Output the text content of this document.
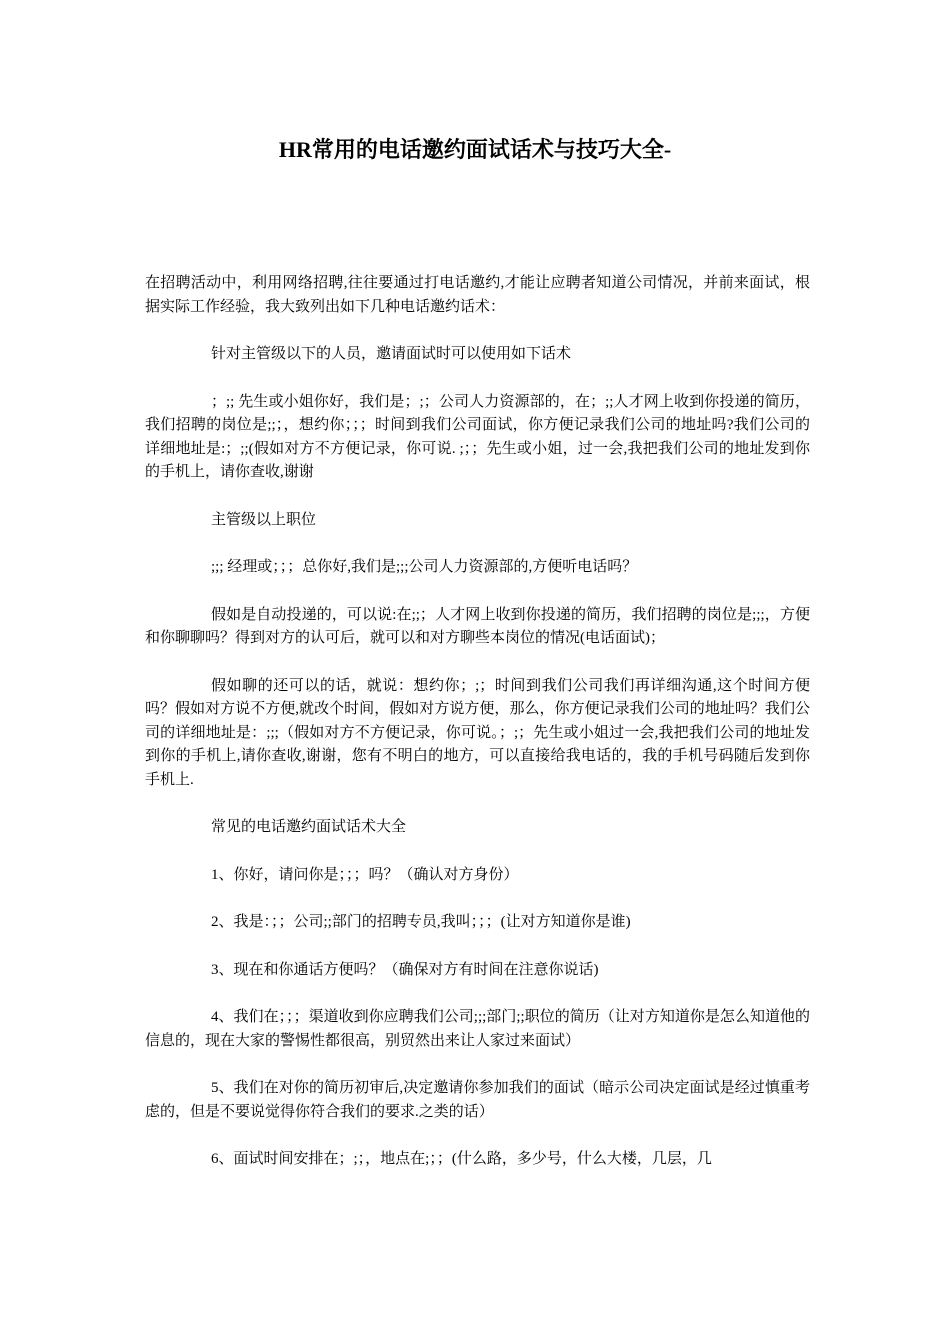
HR常用的电话邀约面试话术与技巧大全-

在招聘活动中，利用网络招聘,往往要通过打电话邀约,才能让应聘者知道公司情况，并前来面试，根据实际工作经验，我大致列出如下几种电话邀约话术：

针对主管级以下的人员，邀请面试时可以使用如下话术

；;; 先生或小姐你好，我们是；;；公司人力资源部的，在；;;人才网上收到你投递的简历，我们招聘的岗位是;;；，想约你；；；时间到我们公司面试，你方便记录我们公司的地址吗?我们公司的详细地址是:；;;(假如对方不方便记录，你可说. ;；；先生或小姐，过一会,我把我们公司的地址发到你的手机上，请你查收,谢谢

主管级以上职位

;;; 经理或；；；总你好,我们是;;;公司人力资源部的,方便听电话吗？

假如是自动投递的，可以说:在;;；人才网上收到你投递的简历，我们招聘的岗位是;;;，方便和你聊聊吗？得到对方的认可后，就可以和对方聊些本岗位的情况(电话面试)；

假如聊的还可以的话，就说：想约你；;；时间到我们公司我们再详细沟通,这个时间方便吗？假如对方说不方便,就改个时间，假如对方说方便，那么，你方便记录我们公司的地址吗？我们公司的详细地址是：;;;（假如对方不方便记录，你可说。；;；先生或小姐过一会,我把我们公司的地址发到你的手机上,请你查收,谢谢，您有不明白的地方，可以直接给我电话的，我的手机号码随后发到你手机上.

常见的电话邀约面试话术大全

1、你好，请问你是；；；吗？（确认对方身份）

2、我是：；；公司;;部门的招聘专员,我叫；；；(让对方知道你是谁)

3、现在和你通话方便吗？（确保对方有时间在注意你说话)

4、我们在；；；渠道收到你应聘我们公司;;;部门;;职位的简历（让对方知道你是怎么知道他的信息的，现在大家的警惕性都很高，别贸然出来让人家过来面试）

5、我们在对你的简历初审后,决定邀请你参加我们的面试（暗示公司决定面试是经过慎重考虑的，但是不要说觉得你符合我们的要求.之类的话）

6、面试时间安排在；;；，地点在;；；(什么路，多少号，什么大楼，几层，几
